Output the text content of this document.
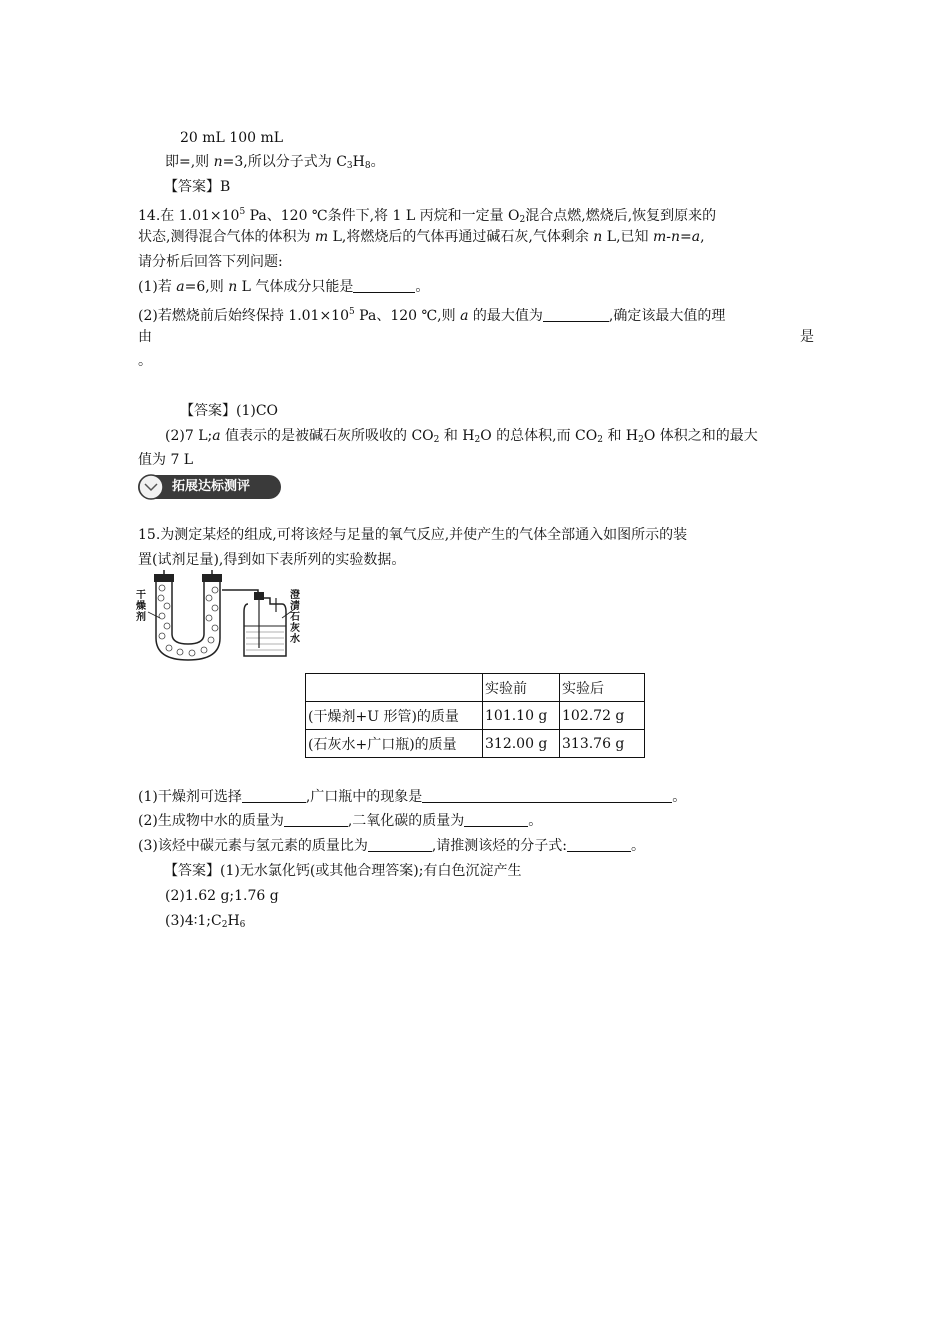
20 mL 100 mL
即=,则 n=3,所以分子式为 $C_3H_8$。
【答案】B
14.在 $1.01\times 10^5$ Pa、120 ℃条件下,将 1 L 丙烷和一定量 $O_2$混合点燃,燃烧后,恢复到原来的
状态,测得混合气体的体积为 m L,将燃烧后的气体再通过碱石灰,气体剩余 n L,已知 m-n=a,
请分析后回答下列问题:
(1)若 a=6,则 n L 气体成分只能是	。
(2)若燃烧前后始终保持 $1.01\times 10^5$ Pa、120 ℃,则 a 的最大值为	,确定该最大值的理
由	是
。
【答案】(1)CO
(2)7 L;a 值表示的是被碱石灰所吸收的 $CO_2$ 和 $H_2O$ 的总体积,而 $CO_2$ 和 $H_2O$ 体积之和的最大
值为 7 L
拓展达标测评
15.为测定某烃的组成,可将该烃与足量的氧气反应,并使产生的气体全部通入如图所示的装
置(试剂足量),得到如下表所列的实验数据。
干
燥
剂
澄
清
石
灰
水
	实验前	实验后
(干燥剂+U 形管)的质量	101.10 g	102.72 g
(石灰水+广口瓶)的质量	312.00 g	313.76 g
(1)干燥剂可选择	,广口瓶中的现象是	。
(2)生成物中水的质量为	,二氧化碳的质量为	。
(3)该烃中碳元素与氢元素的质量比为	,请推测该烃的分子式:	。
【答案】(1)无水氯化钙(或其他合理答案);有白色沉淀产生
(2)1.62 g;1.76 g
$(3)4∶1;C_2H_6$
